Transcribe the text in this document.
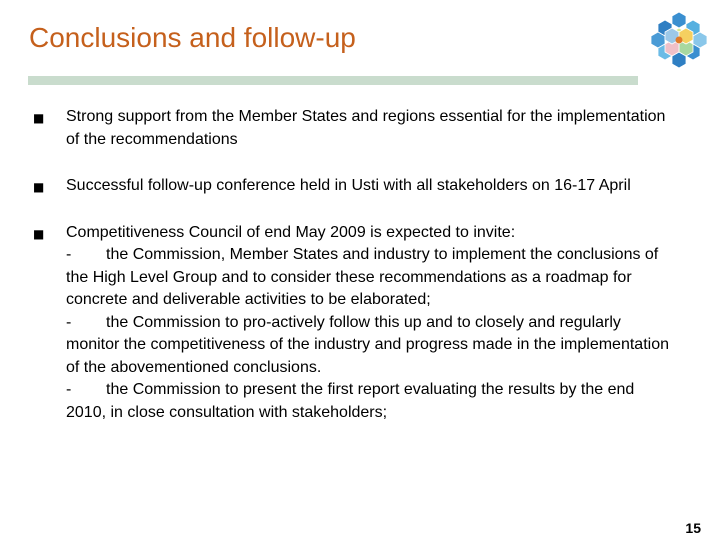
Conclusions and follow-up
■ Strong support from the Member States and regions essential for the implementation of the recommendations
■ Successful follow-up conference held in Usti with all stakeholders on 16-17 April
■ Competitiveness Council of end May 2009 is expected to invite:
- the Commission, Member States and industry to implement the conclusions of the High Level Group and to consider these recommendations as a roadmap for concrete and deliverable activities to be elaborated;
- the Commission to pro-actively follow this up and to closely and regularly monitor the competitiveness of the industry and progress made in the implementation of the abovementioned conclusions.
- the Commission to present the first report evaluating the results by the end 2010, in close consultation with stakeholders;
15
